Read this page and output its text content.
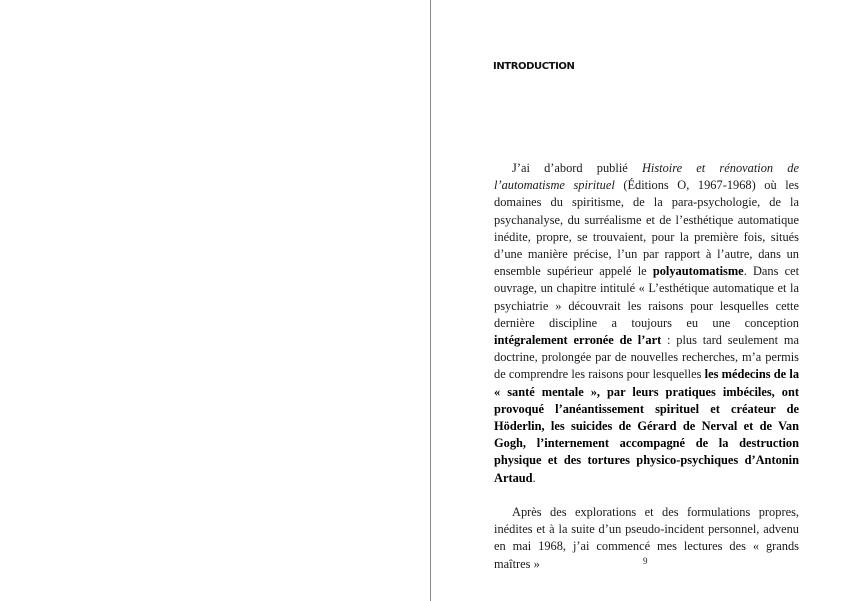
INTRODUCTION

J’ai d’abord publié Histoire et rénovation de l’automatisme spirituel (Éditions O, 1967-1968) où les domaines du spiritisme, de la para-psychologie, de la psychanalyse, du surréalisme et de l’esthétique automatique inédite, propre, se trouvaient, pour la première fois, situés d’une manière précise, l’un par rapport à l’autre, dans un ensemble supérieur appelé le polyautomatisme. Dans cet ouvrage, un chapitre intitulé « L’esthétique automatique et la psychiatrie » découvrait les raisons pour lesquelles cette dernière discipline a toujours eu une conception intégralement erronée de l’art : plus tard seulement ma doctrine, prolongée par de nouvelles recherches, m’a permis de comprendre les raisons pour lesquelles les médecins de la « santé mentale », par leurs pratiques imbéciles, ont provoqué l’anéantissement spirituel et créateur de Höderlin, les suicides de Gérard de Nerval et de Van Gogh, l’internement accompagné de la destruction physique et des tortures physico-psychiques d’Antonin Artaud.

Après des explorations et des formulations propres, inédites et à la suite d’un pseudo-incident personnel, advenu en mai 1968, j’ai commencé mes lectures des « grands maîtres »	9
